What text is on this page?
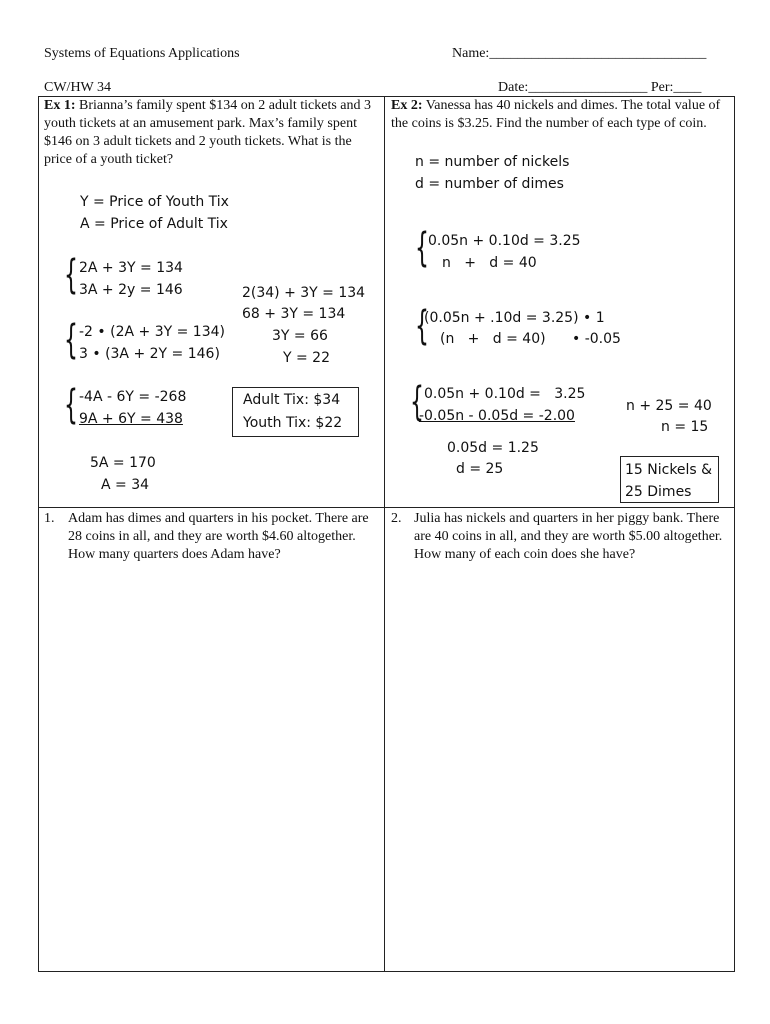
Systems of Equations Applications	Name:_______________________________
CW/HW 34	Date:_________________ Per:____
Ex 1: Brianna’s family spent $134 on 2 adult tickets and 3 youth tickets at an amusement park. Max’s family spent $146 on 3 adult tickets and 2 youth tickets. What is the price of a youth ticket?
Y = Price of Youth Tix
A = Price of Adult Tix
{ 2A + 3Y = 134
3A + 2y = 146
{ -2 • (2A + 3Y = 134)
3 • (3A + 2Y = 146)
{ -4A - 6Y = -268
9A + 6Y = 438
5A = 170
A = 34
2(34) + 3Y = 134
68 + 3Y = 134
3Y = 66
Y = 22
Adult Tix: $34
Youth Tix: $22
Ex 2: Vanessa has 40 nickels and dimes. The total value of the coins is $3.25. Find the number of each type of coin.
n = number of nickels
d = number of dimes
{ 0.05n + 0.10d = 3.25
n   +   d = 40
{
(0.05n + .10d = 3.25) • 1
(n   +   d = 40) • -0.05
{ 0.05n + 0.10d =   3.25
-0.05n - 0.05d = -2.00
0.05d = 1.25
d = 25
n + 25 = 40
n = 15
15 Nickels &
25 Dimes
1. Adam has dimes and quarters in his pocket. There are 28 coins in all, and they are worth $4.60 altogether. How many quarters does Adam have?
2. Julia has nickels and quarters in her piggy bank. There are 40 coins in all, and they are worth $5.00 altogether. How many of each coin does she have?
